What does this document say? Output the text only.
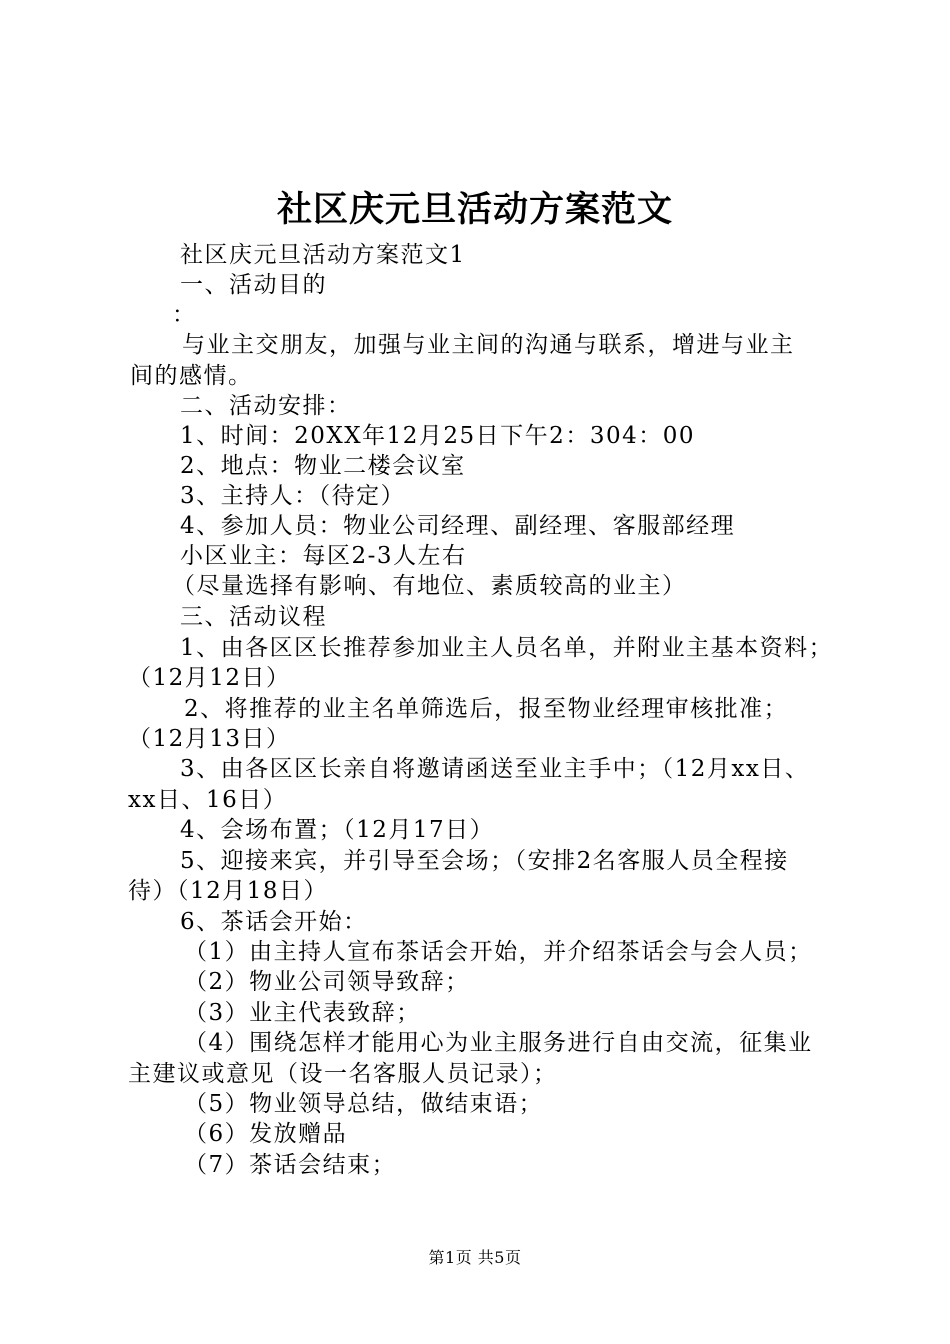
社区庆元旦活动方案范文
社区庆元旦活动方案范文1
一、活动目的
：
与业主交朋友，加强与业主间的沟通与联系，增进与业主
间的感情。
二、活动安排：
1、时间：20XX年12月25日下午2：304：00
2、地点：物业二楼会议室
3、主持人：（待定）
4、参加人员：物业公司经理、副经理、客服部经理
小区业主：每区2-3人左右
（尽量选择有影响、有地位、素质较高的业主）
三、活动议程
1、由各区区长推荐参加业主人员名单，并附业主基本资料；
（12月12日）
2、将推荐的业主名单筛选后，报至物业经理审核批准；
（12月13日）
3、由各区区长亲自将邀请函送至业主手中；（12月xx日、
xx日、16日）
4、会场布置；（12月17日）
5、迎接来宾，并引导至会场；（安排2名客服人员全程接
待）（12月18日）
6、茶话会开始：
（1）由主持人宣布茶话会开始，并介绍茶话会与会人员；
（2）物业公司领导致辞；
（3）业主代表致辞；
（4）围绕怎样才能用心为业主服务进行自由交流，征集业
主建议或意见（设一名客服人员记录）；
（5）物业领导总结，做结束语；
（6）发放赠品
（7）茶话会结束；
第1页 共5页
